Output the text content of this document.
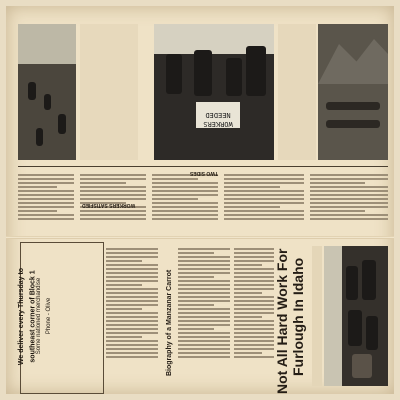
WORKERS
NEEDED
WORKERS SATISFIED
TWO SIDES
We deliver every Thursday to southeast corner of Block 1 Some nationed merchandise Phone - Olive	Biography of a Manzanar Carrot	Not All Hard Work For Furlough In Idaho
